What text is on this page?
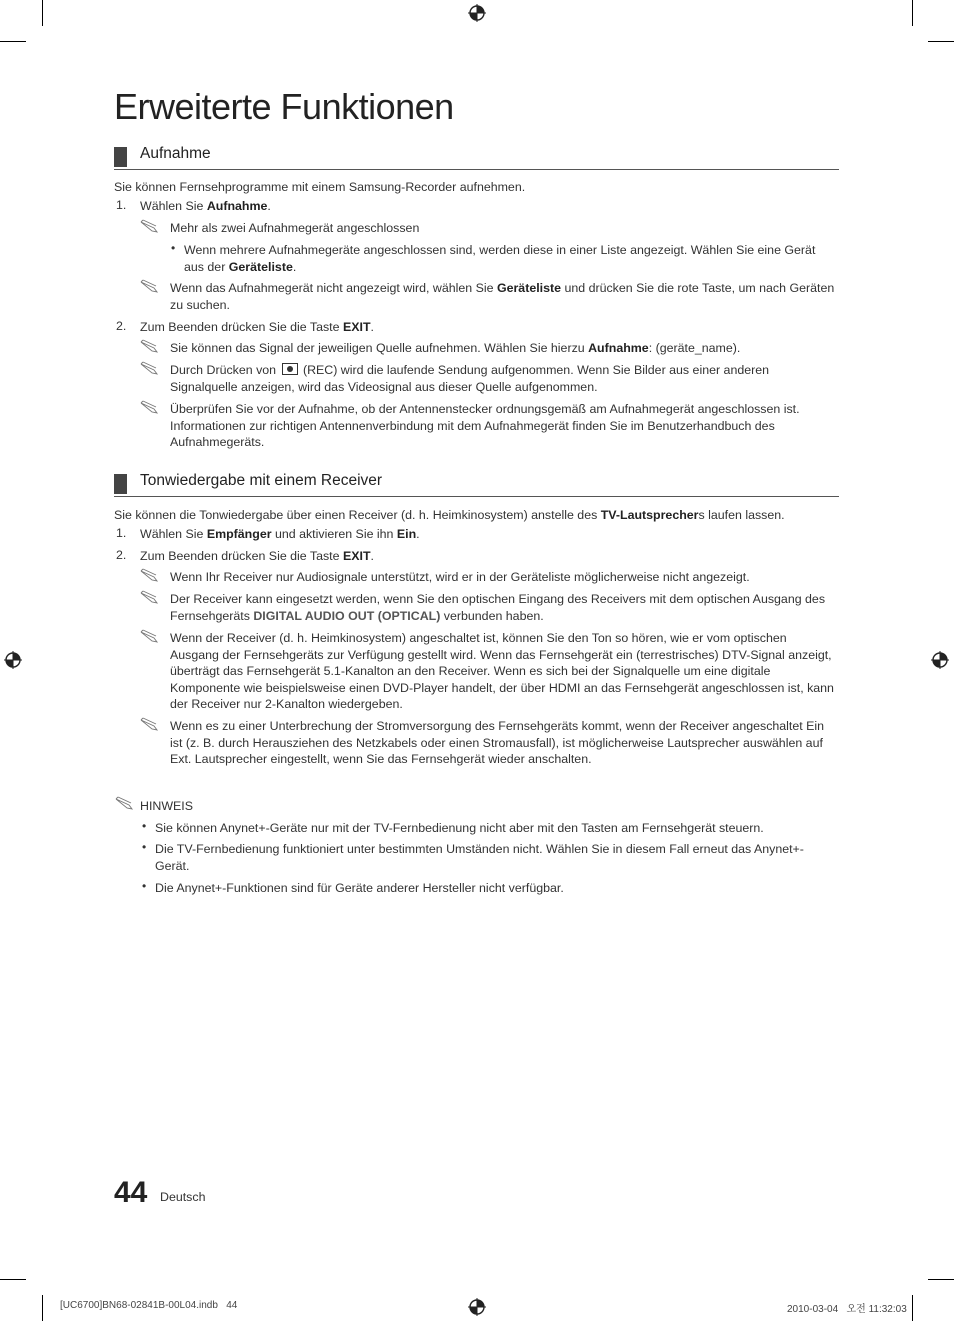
Erweiterte Funktionen
Aufnahme
Sie können Fernsehprogramme mit einem Samsung-Recorder aufnehmen.
1. Wählen Sie Aufnahme.
Mehr als zwei Aufnahmegerät angeschlossen
• Wenn mehrere Aufnahmegeräte angeschlossen sind, werden diese in einer Liste angezeigt. Wählen Sie eine Gerät aus der Geräteliste.
Wenn das Aufnahmegerät nicht angezeigt wird, wählen Sie Geräteliste und drücken Sie die rote Taste, um nach Geräten zu suchen.
2. Zum Beenden drücken Sie die Taste EXIT.
Sie können das Signal der jeweiligen Quelle aufnehmen. Wählen Sie hierzu Aufnahme: (geräte_name).
Durch Drücken von  (REC) wird die laufende Sendung aufgenommen. Wenn Sie Bilder aus einer anderen Signalquelle anzeigen, wird das Videosignal aus dieser Quelle aufgenommen.
Überprüfen Sie vor der Aufnahme, ob der Antennenstecker ordnungsgemäß am Aufnahmegerät angeschlossen ist. Informationen zur richtigen Antennenverbindung mit dem Aufnahmegerät finden Sie im Benutzerhandbuch des Aufnahmegeräts.
Tonwiedergabe mit einem Receiver
Sie können die Tonwiedergabe über einen Receiver (d. h. Heimkinosystem) anstelle des TV-Lautsprechers laufen lassen.
1. Wählen Sie Empfänger und aktivieren Sie ihn Ein.
2. Zum Beenden drücken Sie die Taste EXIT.
Wenn Ihr Receiver nur Audiosignale unterstützt, wird er in der Geräteliste möglicherweise nicht angezeigt.
Der Receiver kann eingesetzt werden, wenn Sie den optischen Eingang des Receivers mit dem optischen Ausgang des Fernsehgeräts DIGITAL AUDIO OUT (OPTICAL) verbunden haben.
Wenn der Receiver (d. h. Heimkinosystem) angeschaltet ist, können Sie den Ton so hören, wie er vom optischen Ausgang der Fernsehgeräts zur Verfügung gestellt wird. Wenn das Fernsehgerät ein (terrestrisches) DTV-Signal anzeigt, überträgt das Fernsehgerät 5.1-Kanalton an den Receiver. Wenn es sich bei der Signalquelle um eine digitale Komponente wie beispielsweise einen DVD-Player handelt, der über HDMI an das Fernsehgerät angeschlossen ist, kann der Receiver nur 2-Kanalton wiedergeben.
Wenn es zu einer Unterbrechung der Stromversorgung des Fernsehgeräts kommt, wenn der Receiver angeschaltet Ein ist (z. B. durch Herausziehen des Netzkabels oder einen Stromausfall), ist möglicherweise Lautsprecher auswählen auf Ext. Lautsprecher eingestellt, wenn Sie das Fernsehgerät wieder anschalten.
HINWEIS
• Sie können Anynet+-Geräte nur mit der TV-Fernbedienung nicht aber mit den Tasten am Fernsehgerät steuern.
• Die TV-Fernbedienung funktioniert unter bestimmten Umständen nicht. Wählen Sie in diesem Fall erneut das Anynet+-Gerät.
• Die Anynet+-Funktionen sind für Geräte anderer Hersteller nicht verfügbar.
44 Deutsch
[UC6700]BN68-02841B-00L04.indb   44	2010-03-04   오전 11:32:03
